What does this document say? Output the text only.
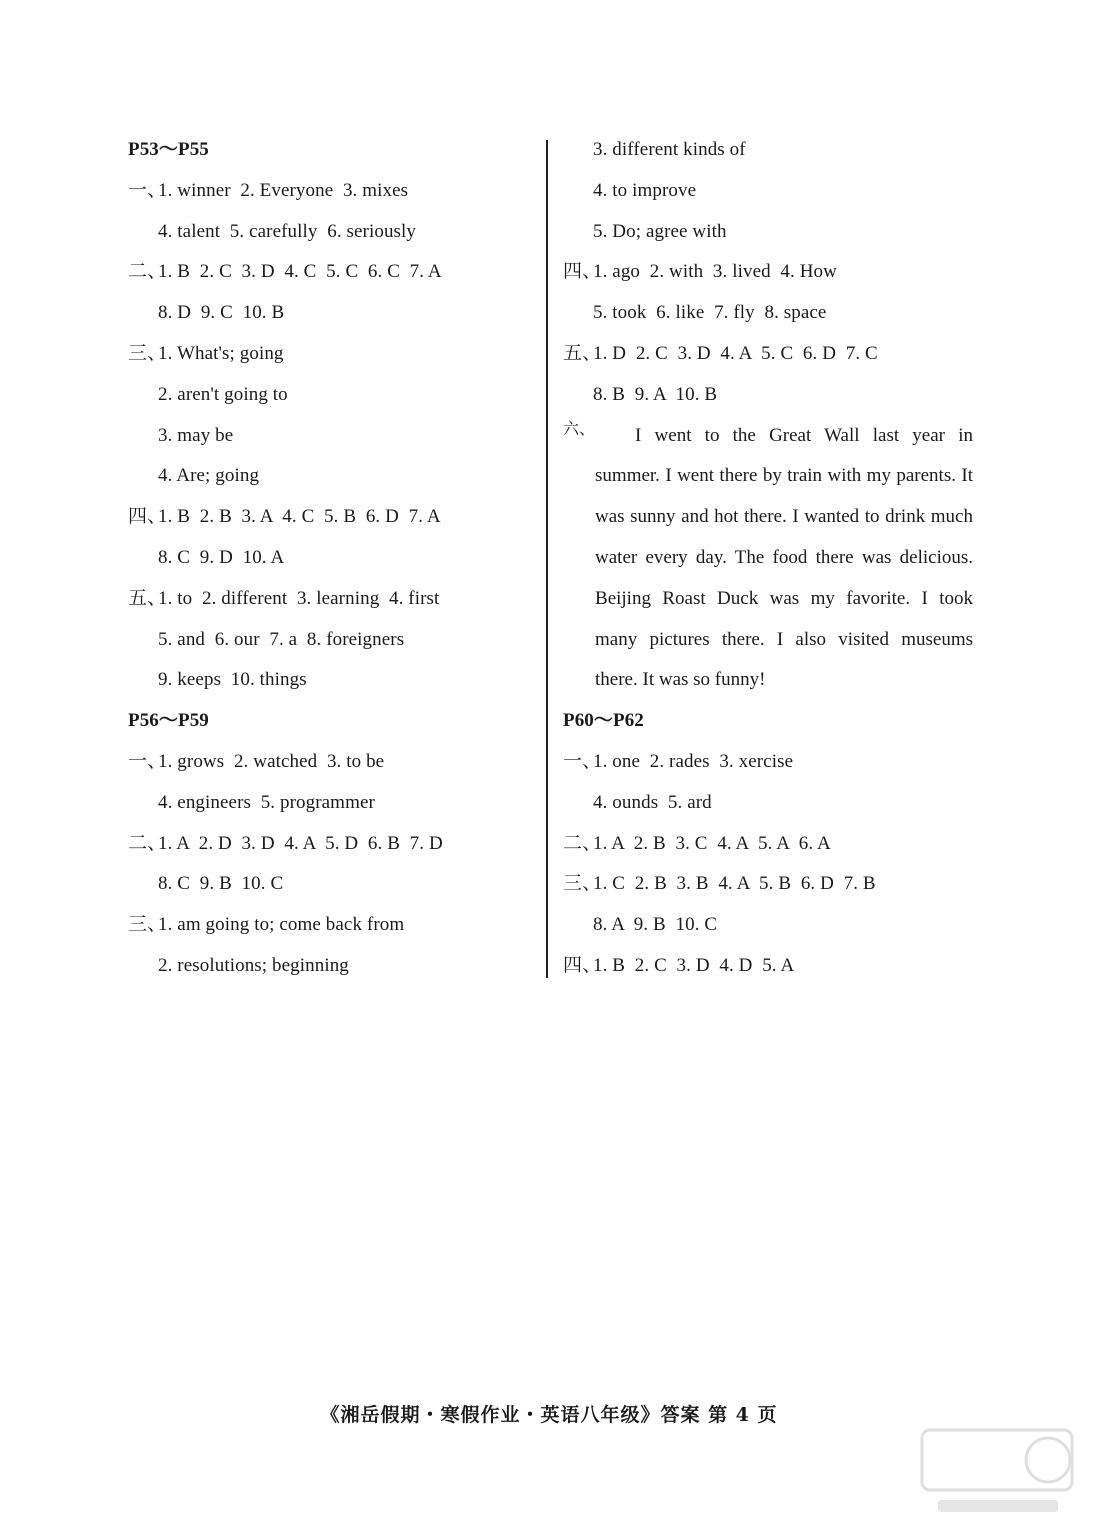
P53～P55
一、1. winner  2. Everyone  3. mixes
4. talent  5. carefully  6. seriously
二、1. B  2. C  3. D  4. C  5. C  6. C  7. A
8. D  9. C  10. B
三、1. What's; going
2. aren't going to
3. may be
4. Are; going
四、1. B  2. B  3. A  4. C  5. B  6. D  7. A
8. C  9. D  10. A
五、1. to  2. different  3. learning  4. first
5. and  6. our  7. a  8. foreigners
9. keeps  10. things
P56～P59
一、1. grows  2. watched  3. to be
4. engineers  5. programmer
二、1. A  2. D  3. D  4. A  5. D  6. B  7. D
8. C  9. B  10. C
三、1. am going to; come back from
2. resolutions; beginning
3. different kinds of
4. to improve
5. Do; agree with
四、1. ago  2. with  3. lived  4. How
5. took  6. like  7. fly  8. space
五、1. D  2. C  3. D  4. A  5. C  6. D  7. C
8. B  9. A  10. B
六、	I went to the Great Wall last year in summer. I went there by train with my parents. It was sunny and hot there. I wanted to drink much water every day. The food there was delicious. Beijing Roast Duck was my favorite. I took many pictures there. I also visited museums there. It was so funny!
P60～P62
一、1. one  2. rades  3. xercise
4. ounds  5. ard
二、1. A  2. B  3. C  4. A  5. A  6. A
三、1. C  2. B  3. B  4. A  5. B  6. D  7. B
8. A  9. B  10. C
四、1. B  2. C  3. D  4. D  5. A
《湘岳假期・寒假作业・英语八年级》答案 第 4 页
